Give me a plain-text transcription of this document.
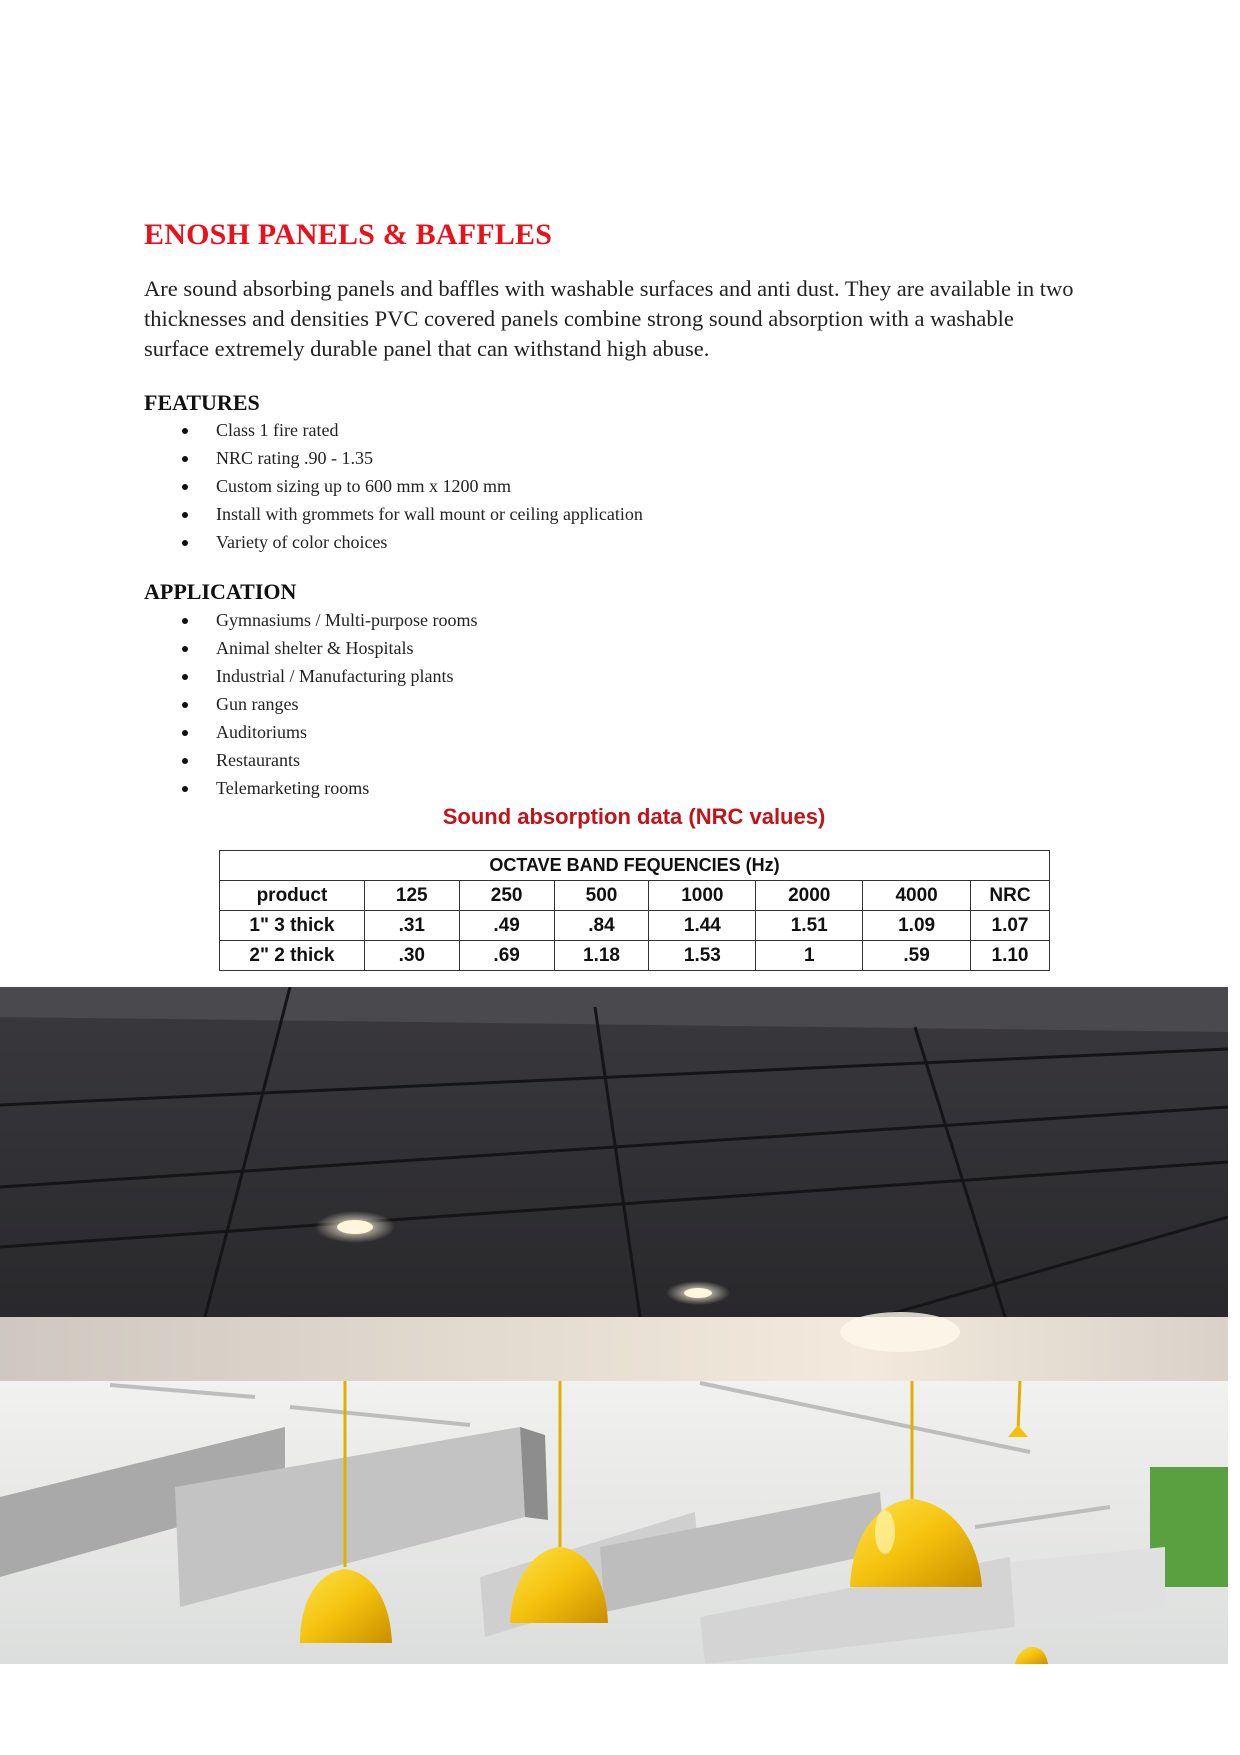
ENOSH PANELS & BAFFLES

Are sound absorbing panels and baffles with washable surfaces and anti dust. They are available in two thicknesses and densities PVC covered panels combine strong sound absorption with a washable surface extremely durable panel that can withstand high abuse.

FEATURES
Class 1 fire rated
NRC rating .90 - 1.35
Custom sizing up to 600 mm x 1200 mm
Install with grommets for wall mount or ceiling application
Variety of color choices
APPLICATION
Gymnasiums / Multi-purpose rooms
Animal shelter & Hospitals
Industrial / Manufacturing plants
Gun ranges
Auditoriums
Restaurants
Telemarketing rooms

Sound absorption data (NRC values)

OCTAVE BAND FEQUENCIES (Hz)							
product	125	250	500	1000	2000	4000	NRC
1" 3 thick	.31	.49	.84	1.44	1.51	1.09	1.07
2" 2 thick	.30	.69	1.18	1.53	1	.59	1.10
